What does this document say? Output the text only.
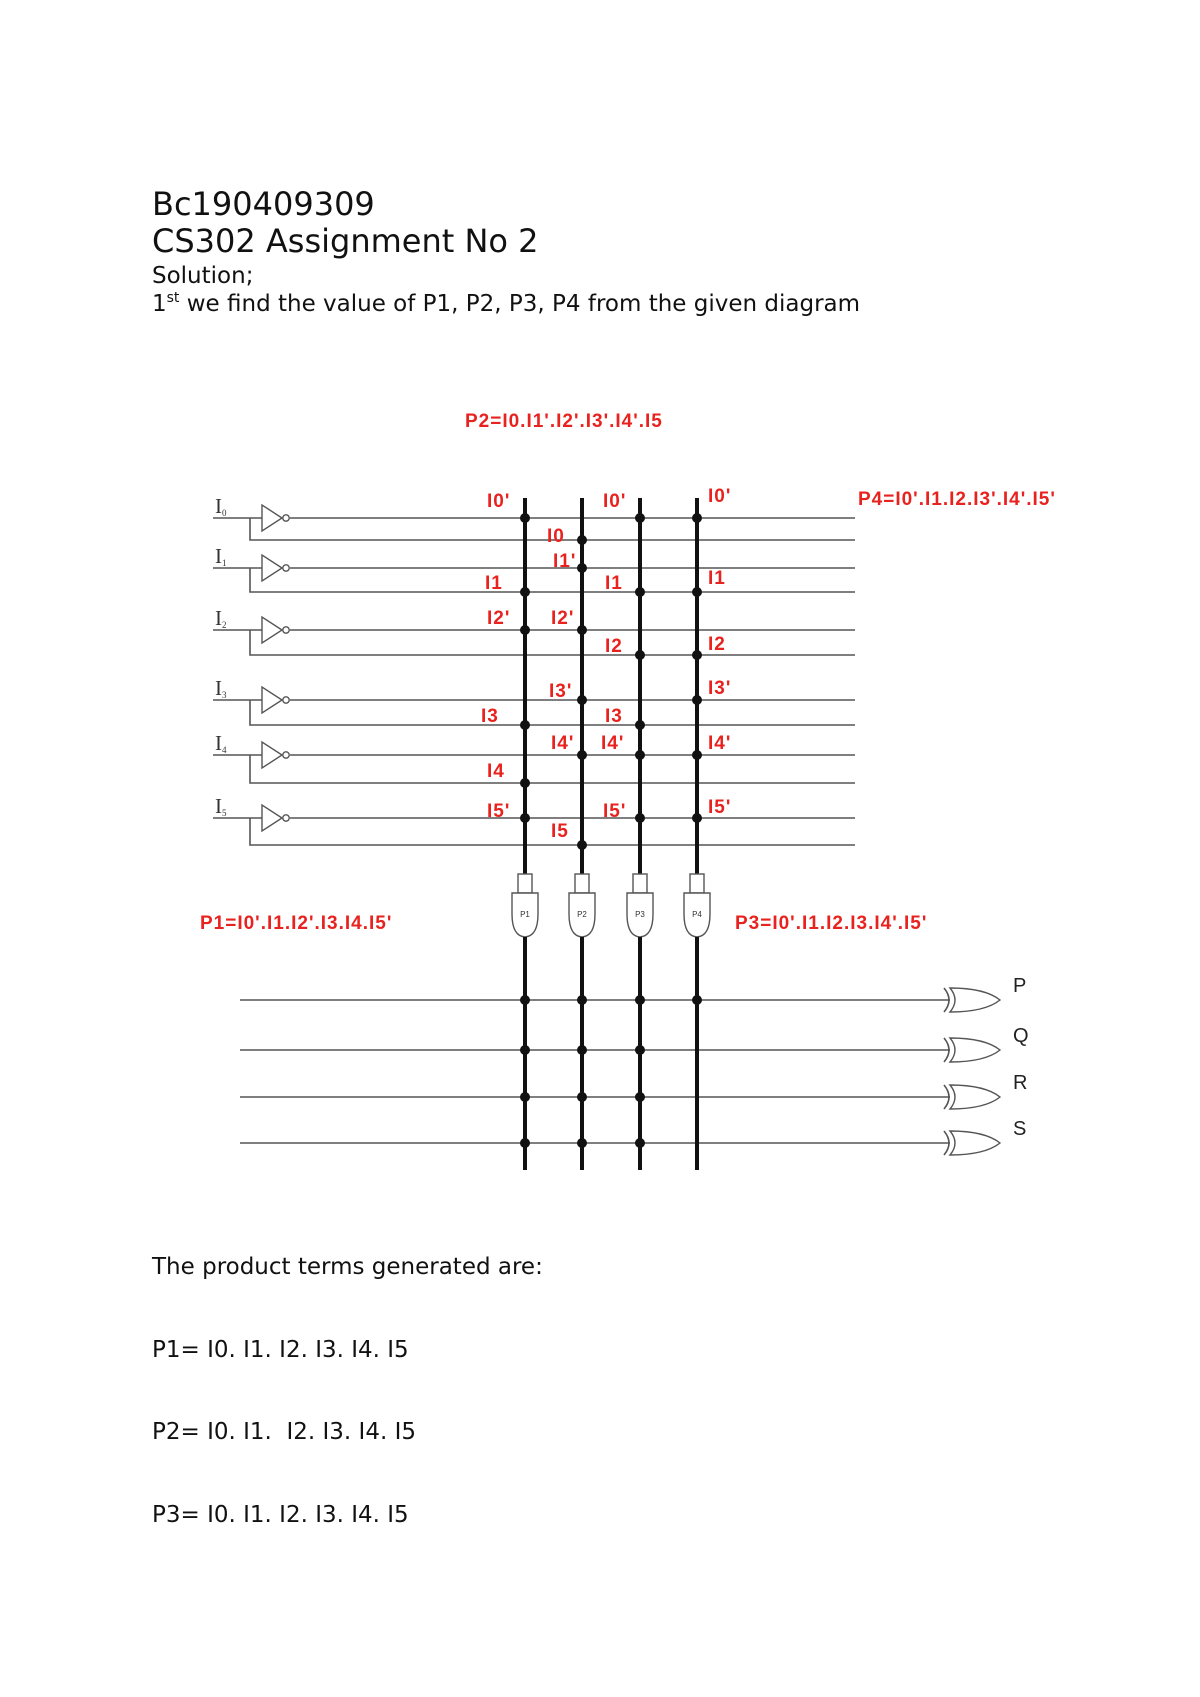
Bc190409309
CS302 Assignment No 2
Solution;
1st we find the value of P1, P2, P3, P4 from the given diagram
I0
I1
I2
I3
I4
I5
P
Q
R
S
P1	P2	P3	P4
P2=I0.I1'.I2'.I3'.I4'.I5
P4=I0'.I1.I2.I3'.I4'.I5'
P1=I0'.I1.I2'.I3.I4.I5'	P3=I0'.I1.I2.I3.I4'.I5'
I0'
I1
I2'
I3
I4
I5'
I0
I1'
I2'
I3'
I4'
I5
I0'
I1
I2
I3
I4'
I5'
I0'
I1
I2
I3'
I4'
I5'
The product terms generated are:
P1= I0. I1. I2. I3. I4. I5
P2= I0. I1.  I2. I3. I4. I5
P3= I0. I1. I2. I3. I4. I5
